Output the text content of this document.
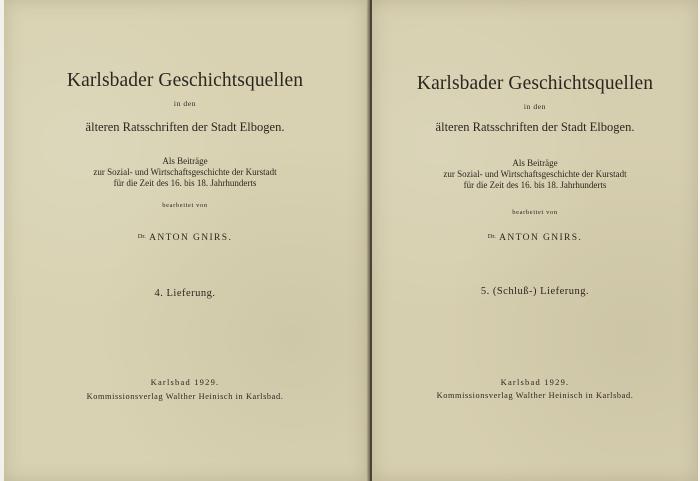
Karlsbader Geschichtsquellen
in den
älteren Ratsschriften der Stadt Elbogen.
Als Beiträge
zur Sozial- und Wirtschaftsgeschichte der Kurstadt
für die Zeit des 16. bis 18. Jahrhunderts
bearbeitet von
$^{Dr.}$ ANTON GNIRS.
4. Lieferung.
Karlsbad 1929.
Kommissionsverlag Walther Heinisch in Karlsbad.
Karlsbader Geschichtsquellen
in den
älteren Ratsschriften der Stadt Elbogen.
Als Beiträge
zur Sozial- und Wirtschaftsgeschichte der Kurstadt
für die Zeit des 16. bis 18. Jahrhunderts
bearbeitet von
$^{Dr.}$ ANTON GNIRS.
5. (Schluß-) Lieferung.
Karlsbad 1929.
Kommissionsverlag Walther Heinisch in Karlsbad.
